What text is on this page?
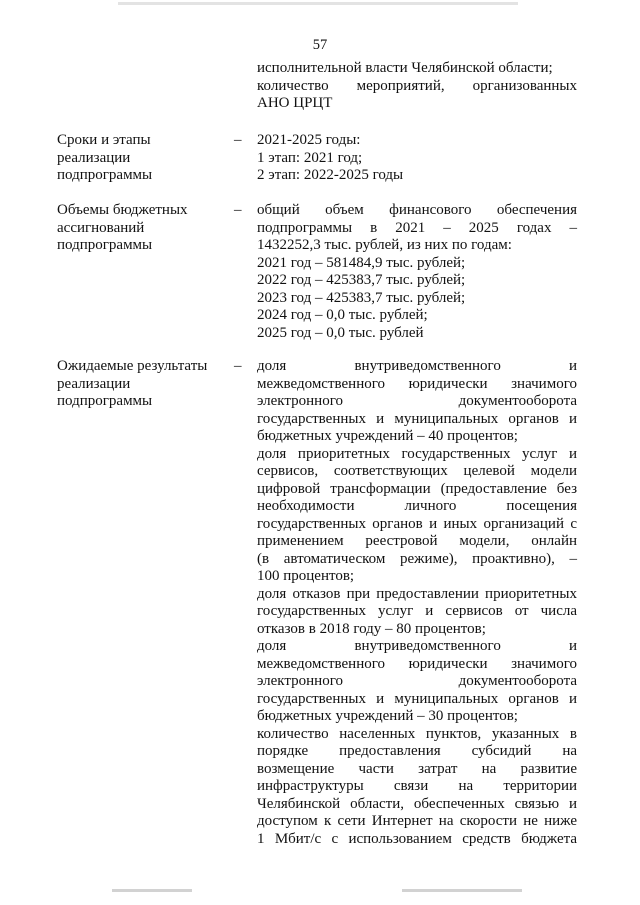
57
исполнительной власти Челябинской области;
количество мероприятий, организованных
АНО ЦРЦТ
Сроки и этапы
реализации
подпрограммы
– 2021-2025 годы:
1 этап: 2021 год;
2 этап: 2022-2025 годы
Объемы бюджетных
ассигнований
подпрограммы
– общий объем финансового обеспечения
подпрограммы в 2021 – 2025 годах –
1432252,3 тыс. рублей, из них по годам:
2021 год – 581484,9 тыс. рублей;
2022 год – 425383,7 тыс. рублей;
2023 год – 425383,7 тыс. рублей;
2024 год – 0,0 тыс. рублей;
2025 год – 0,0 тыс. рублей
Ожидаемые результаты
реализации
подпрограммы
– доля внутриведомственного и
межведомственного юридически значимого
электронного документооборота
государственных и муниципальных органов и
бюджетных учреждений – 40 процентов;
доля приоритетных государственных услуг и
сервисов, соответствующих целевой модели
цифровой трансформации (предоставление без
необходимости личного посещения
государственных органов и иных организаций с
применением реестровой модели, онлайн
(в автоматическом режиме), проактивно), –
100 процентов;
доля отказов при предоставлении приоритетных
государственных услуг и сервисов от числа
отказов в 2018 году – 80 процентов;
доля внутриведомственного и
межведомственного юридически значимого
электронного документооборота
государственных и муниципальных органов и
бюджетных учреждений – 30 процентов;
количество населенных пунктов, указанных в
порядке предоставления субсидий на
возмещение части затрат на развитие
инфраструктуры связи на территории
Челябинской области, обеспеченных связью и
доступом к сети Интернет на скорости не ниже
1 Мбит/с с использованием средств бюджета
